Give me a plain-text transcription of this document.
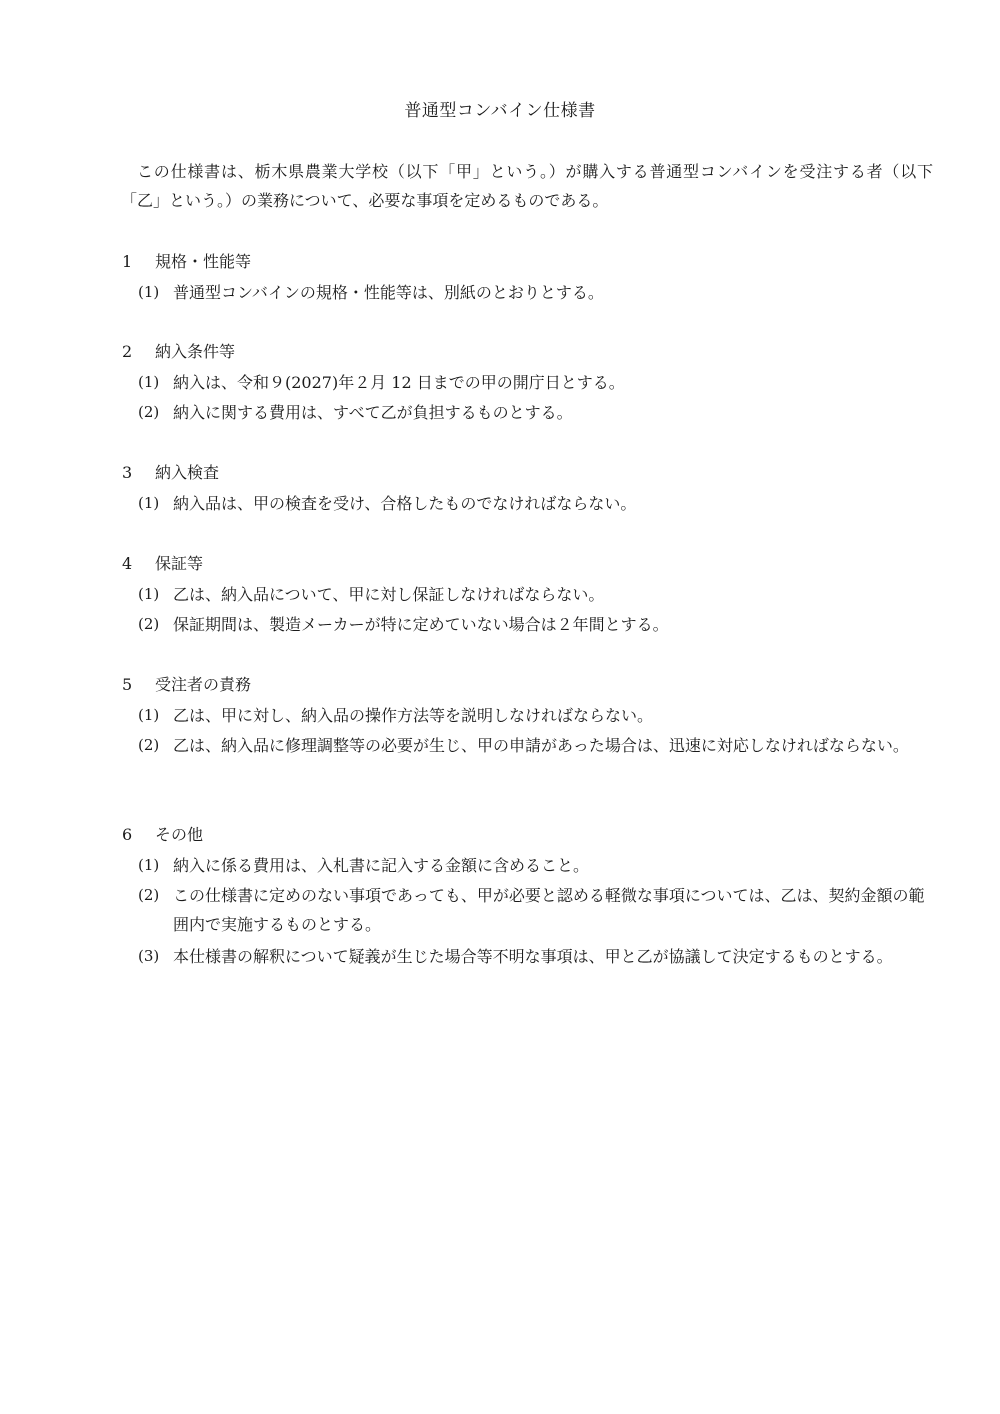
普通型コンバイン仕様書
この仕様書は、栃木県農業大学校（以下「甲」という。）が購入する普通型コンバインを受注する者（以下「乙」という。）の業務について、必要な事項を定めるものである。
1 規格・性能等
(1) 普通型コンバインの規格・性能等は、別紙のとおりとする。
2 納入条件等
(1) 納入は、令和９(2027)年２月 12 日までの甲の開庁日とする。
(2) 納入に関する費用は、すべて乙が負担するものとする。
3 納入検査
(1) 納入品は、甲の検査を受け、合格したものでなければならない。
4 保証等
(1) 乙は、納入品について、甲に対し保証しなければならない。
(2) 保証期間は、製造メーカーが特に定めていない場合は２年間とする。
5 受注者の責務
(1) 乙は、甲に対し、納入品の操作方法等を説明しなければならない。
(2) 乙は、納入品に修理調整等の必要が生じ、甲の申請があった場合は、迅速に対応しなければならない。
6 その他
(1) 納入に係る費用は、入札書に記入する金額に含めること。
(2) この仕様書に定めのない事項であっても、甲が必要と認める軽微な事項については、乙は、契約金額の範囲内で実施するものとする。
(3) 本仕様書の解釈について疑義が生じた場合等不明な事項は、甲と乙が協議して決定するものとする。
